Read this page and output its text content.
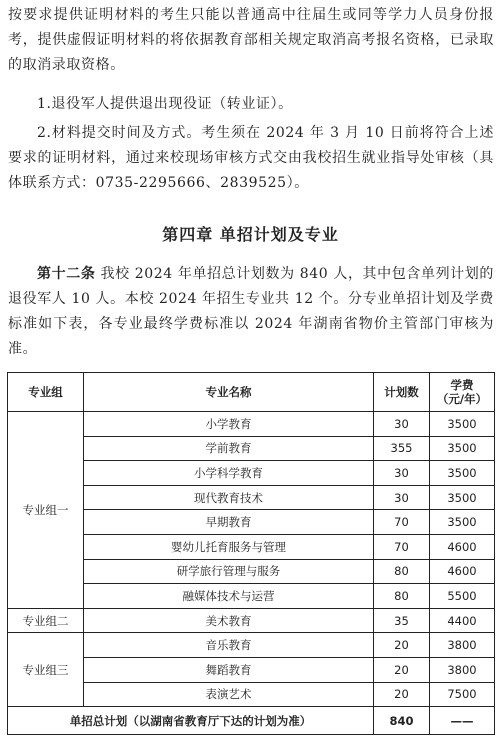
按要求提供证明材料的考生只能以普通高中往届生或同等学力人员身份报考，提供虚假证明材料的将依据教育部相关规定取消高考报名资格，已录取的取消录取资格。
1.退役军人提供退出现役证（转业证）。
2.材料提交时间及方式。考生须在 2024 年 3 月 10 日前将符合上述要求的证明材料，通过来校现场审核方式交由我校招生就业指导处审核（具体联系方式：0735-2295666、2839525）。
第四章 单招计划及专业
第十二条 我校 2024 年单招总计划数为 840 人，其中包含单列计划的退役军人 10 人。本校 2024 年招生专业共 12 个。分专业单招计划及学费标准如下表，各专业最终学费标准以 2024 年湖南省物价主管部门审核为准。
专业组	专业名称	计划数	学费
（元/年）
专业组一	小学教育	30	3500
	学前教育	355	3500
	小学科学教育	30	3500
	现代教育技术	30	3500
	早期教育	70	3500
	婴幼儿托育服务与管理	70	4600
	研学旅行管理与服务	80	4600
	融媒体技术与运营	80	5500
专业组二	美术教育	35	4400
专业组三	音乐教育	20	3800
	舞蹈教育	20	3800
	表演艺术	20	7500
单招总计划（以湖南省教育厅下达的计划为准）		840	——
